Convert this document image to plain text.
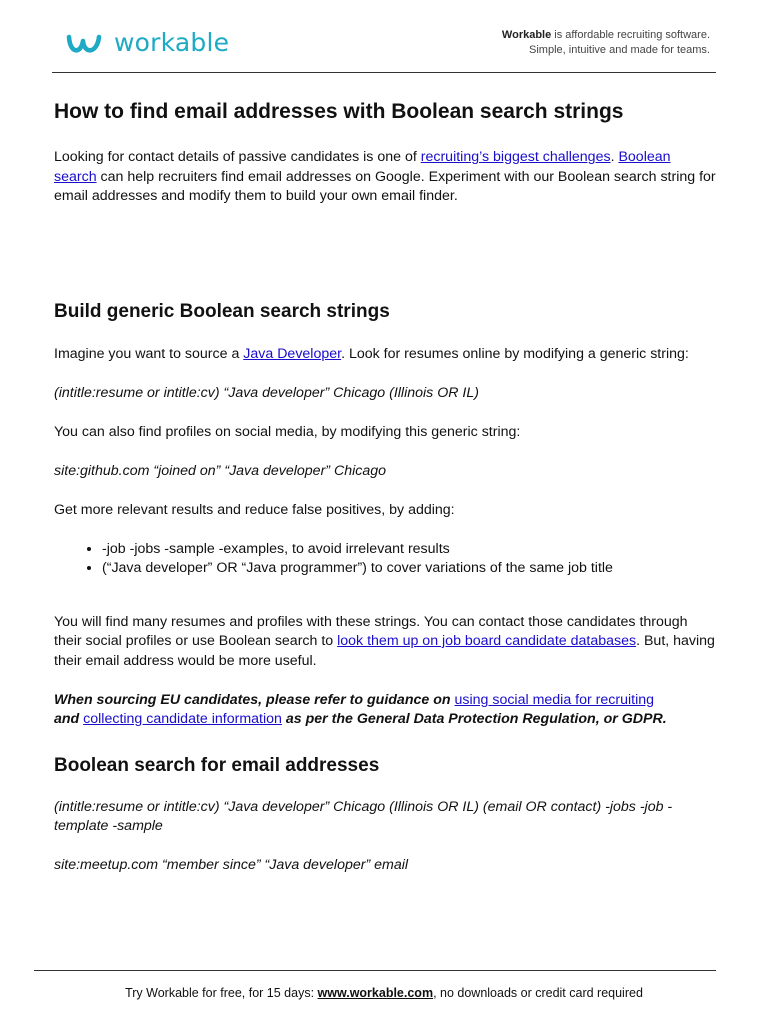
workable	Workable is affordable recruiting software.
Simple, intuitive and made for teams.
How to find email addresses with Boolean search strings

Looking for contact details of passive candidates is one of recruiting’s biggest challenges. Boolean search can help recruiters find email addresses on Google. Experiment with our Boolean search string for email addresses and modify them to build your own email finder.

Build generic Boolean search strings

Imagine you want to source a Java Developer. Look for resumes online by modifying a generic string:

(intitle:resume or intitle:cv) “Java developer” Chicago (Illinois OR IL)

You can also find profiles on social media, by modifying this generic string:

site:github.com “joined on” “Java developer” Chicago

Get more relevant results and reduce false positives, by adding:

• -job -jobs -sample -examples, to avoid irrelevant results
• (“Java developer” OR “Java programmer”) to cover variations of the same job title

You will find many resumes and profiles with these strings. You can contact those candidates through their social profiles or use Boolean search to look them up on job board candidate databases. But, having their email address would be more useful.

When sourcing EU candidates, please refer to guidance on using social media for recruiting
and collecting candidate information as per the General Data Protection Regulation, or GDPR.

Boolean search for email addresses

(intitle:resume or intitle:cv) “Java developer” Chicago (Illinois OR IL) (email OR contact) -jobs -job -template -sample

site:meetup.com “member since” “Java developer” email

Try Workable for free, for 15 days: www.workable.com, no downloads or credit card required
